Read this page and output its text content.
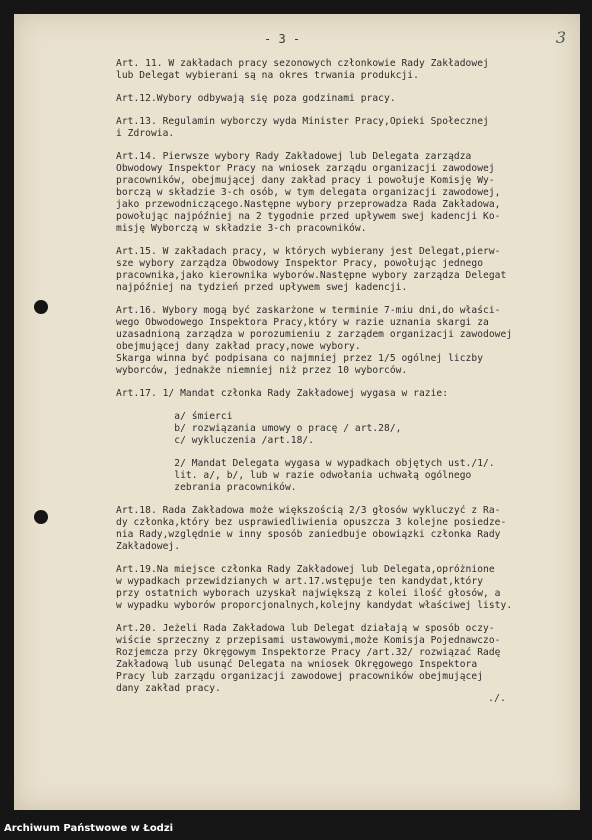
- 3 -	3

Art. 11. W zakładach pracy sezonowych członkowie Rady Zakładowej
lub Delegat wybierani są na okres trwania produkcji.

Art.12.Wybory odbywają się poza godzinami pracy.

Art.13. Regulamin wyborczy wyda Minister Pracy,Opieki Społecznej
i Zdrowia.

Art.14. Pierwsze wybory Rady Zakładowej lub Delegata zarządza
Obwodowy Inspektor Pracy na wniosek zarządu organizacji zawodowej
pracowników, obejmującej dany zakład pracy i powołuje Komisję Wy-
borczą w składzie 3-ch osób, w tym delegata organizacji zawodowej,
jako przewodniczącego.Następne wybory przeprowadza Rada Zakładowa,
powołując najpóźniej na 2 tygodnie przed upływem swej kadencji Ko-
misję Wyborczą w składzie 3-ch pracowników.

Art.15. W zakładach pracy, w których wybierany jest Delegat,pierw-
sze wybory zarządza Obwodowy Inspektor Pracy, powołując jednego
pracownika,jako kierownika wyborów.Następne wybory zarządza Delegat
najpóźniej na tydzień przed upływem swej kadencji.

Art.16. Wybory mogą być zaskarżone w terminie 7-miu dni,do właści-
wego Obwodowego Inspektora Pracy,który w razie uznania skargi za
uzasadnioną zarządza w porozumieniu z zarządem organizacji zawodowej
obejmującej dany zakład pracy,nowe wybory.
Skarga winna być podpisana co najmniej przez 1/5 ogólnej liczby
wyborców, jednakże niemniej niż przez 10 wyborców.

Art.17. 1/ Mandat członka Rady Zakładowej wygasa w razie:

a/ śmierci
b/ rozwiązania umowy o pracę / art.28/,
c/ wykluczenia /art.18/.

2/ Mandat Delegata wygasa w wypadkach objętych ust./1/.
lit. a/, b/, lub w razie odwołania uchwałą ogólnego
zebrania pracowników.

Art.18. Rada Zakładowa może większością 2/3 głosów wykluczyć z Ra-
dy członka,który bez usprawiedliwienia opuszcza 3 kolejne posiedze-
nia Rady,względnie w inny sposób zaniedbuje obowiązki członka Rady
Zakładowej.

Art.19.Na miejsce członka Rady Zakładowej lub Delegata,opróżnione
w wypadkach przewidzianych w art.17.wstępuje ten kandydat,który
przy ostatnich wyborach uzyskał największą z kolei ilość głosów, a
w wypadku wyborów proporcjonalnych,kolejny kandydat właściwej listy.

Art.20. Jeżeli Rada Zakładowa lub Delegat działają w sposób oczy-
wiście sprzeczny z przepisami ustawowymi,może Komisja Pojednawczo-
Rozjemcza przy Okręgowym Inspektorze Pracy /art.32/ rozwiązać Radę
Zakładową lub usunąć Delegata na wniosek Okręgowego Inspektora
Pracy lub zarządu organizacji zawodowej pracowników obejmującej
dany zakład pracy.

./.
Archiwum Państwowe w Łodzi
